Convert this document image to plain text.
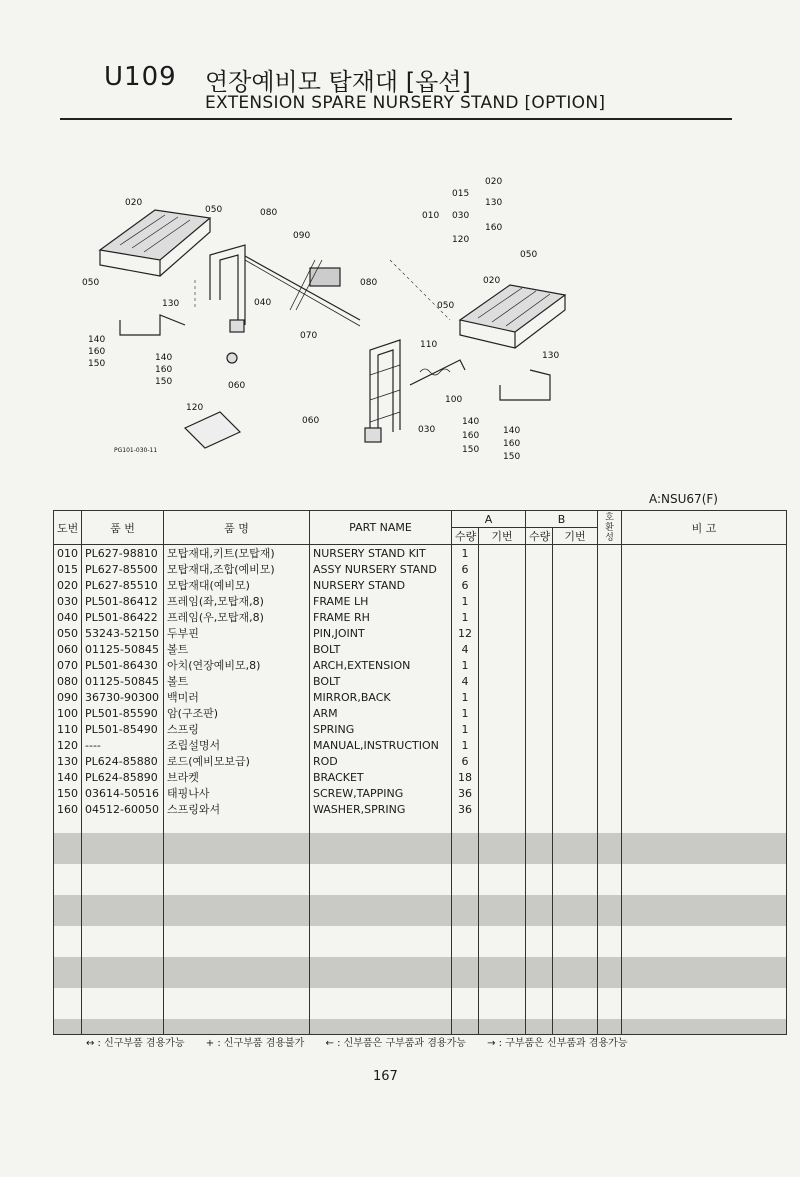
U109 연장예비모 탑재대 [옵션]
EXTENSION SPARE NURSERY STAND [OPTION]
020
050	080
090
050
130	040
140
160
150
140
160
150	060
120
070
080
050
020
050
110
130
100
060
030
140
160
150
140
160
150
010
015
030
120
020
130
160
PG101-030-11
A:NSU67(F)
도번	품 번	품 명	PART NAME	A		B		호환성	비 고
				수량	기번	수량	기번		
010	PL627-98810	모탑재대,키트(모탑재)	NURSERY STAND KIT	1					
015	PL627-85500	모탑재대,조합(예비모)	ASSY NURSERY STAND	6					
020	PL627-85510	모탑재대(예비모)	NURSERY STAND	6					
030	PL501-86412	프레임(좌,모탑재,8)	FRAME LH	1					
040	PL501-86422	프레임(우,모탑재,8)	FRAME RH	1					
050	53243-52150	두부핀	PIN,JOINT	12					
060	01125-50845	볼트	BOLT	4					
070	PL501-86430	아치(연장예비모,8)	ARCH,EXTENSION	1					
080	01125-50845	볼트	BOLT	4					
090	36730-90300	백미러	MIRROR,BACK	1					
100	PL501-85590	암(구조판)	ARM	1					
110	PL501-85490	스프링	SPRING	1					
120	----	조립설명서	MANUAL,INSTRUCTION	1					
130	PL624-85880	로드(예비모보급)	ROD	6					
140	PL624-85890	브라켓	BRACKET	18					
150	03614-50516	태핑나사	SCREW,TAPPING	36					
160	04512-60050	스프링와셔	WASHER,SPRING	36					

↔ : 신구부품 겸용가능 + : 신구부품 겸용불가 ← : 신부품은 구부품과 겸용가능 → : 구부품은 신부품과 겸용가능
167
